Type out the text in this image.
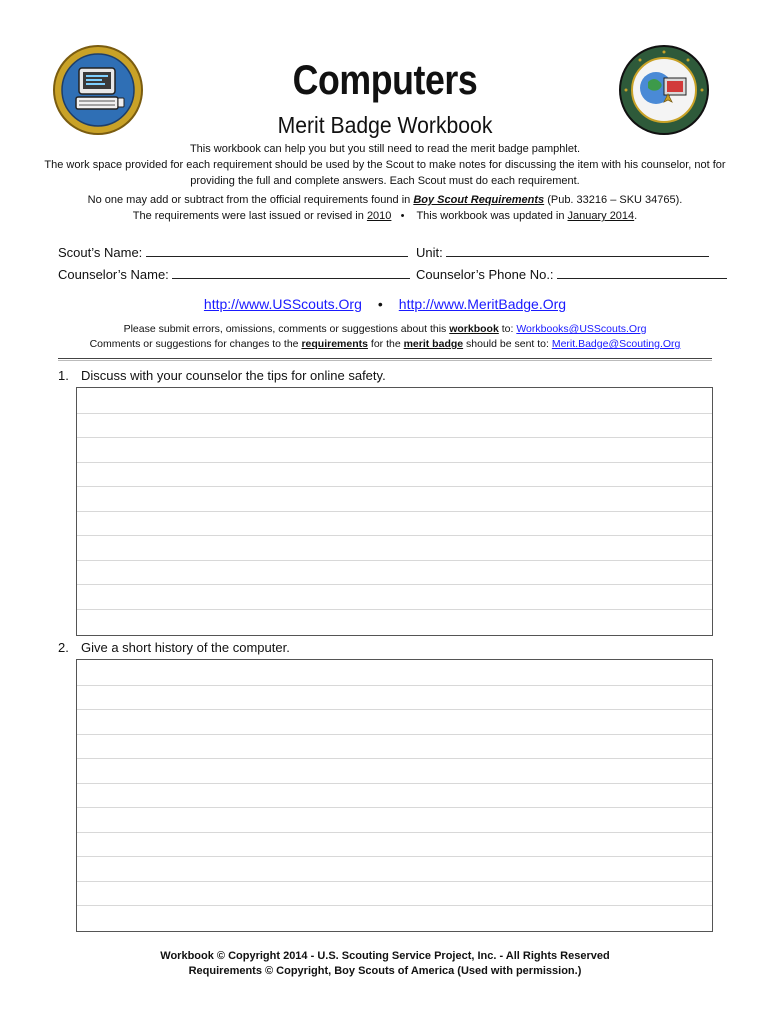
Computers
Merit Badge Workbook

This workbook can help you but you still need to read the merit badge pamphlet.

The work space provided for each requirement should be used by the Scout to make notes for discussing the item with his counselor, not for providing the full and complete answers. Each Scout must do each requirement.

No one may add or subtract from the official requirements found in Boy Scout Requirements (Pub. 33216 – SKU 34765).

The requirements were last issued or revised in 2010   •    This workbook was updated in January 2014.

Scout’s Name:	Unit:
Counselor’s Name:	Counselor’s Phone No.:
http://www.USScouts.Org • http://www.MeritBadge.Org

Please submit errors, omissions, comments or suggestions about this workbook to: Workbooks@USScouts.Org

Comments or suggestions for changes to the requirements for the merit badge should be sent to: Merit.Badge@Scouting.Org

1. Discuss with your counselor the tips for online safety.
2. Give a short history of the computer.

Workbook © Copyright 2014 - U.S. Scouting Service Project, Inc. - All Rights Reserved

Requirements © Copyright, Boy Scouts of America (Used with permission.)
